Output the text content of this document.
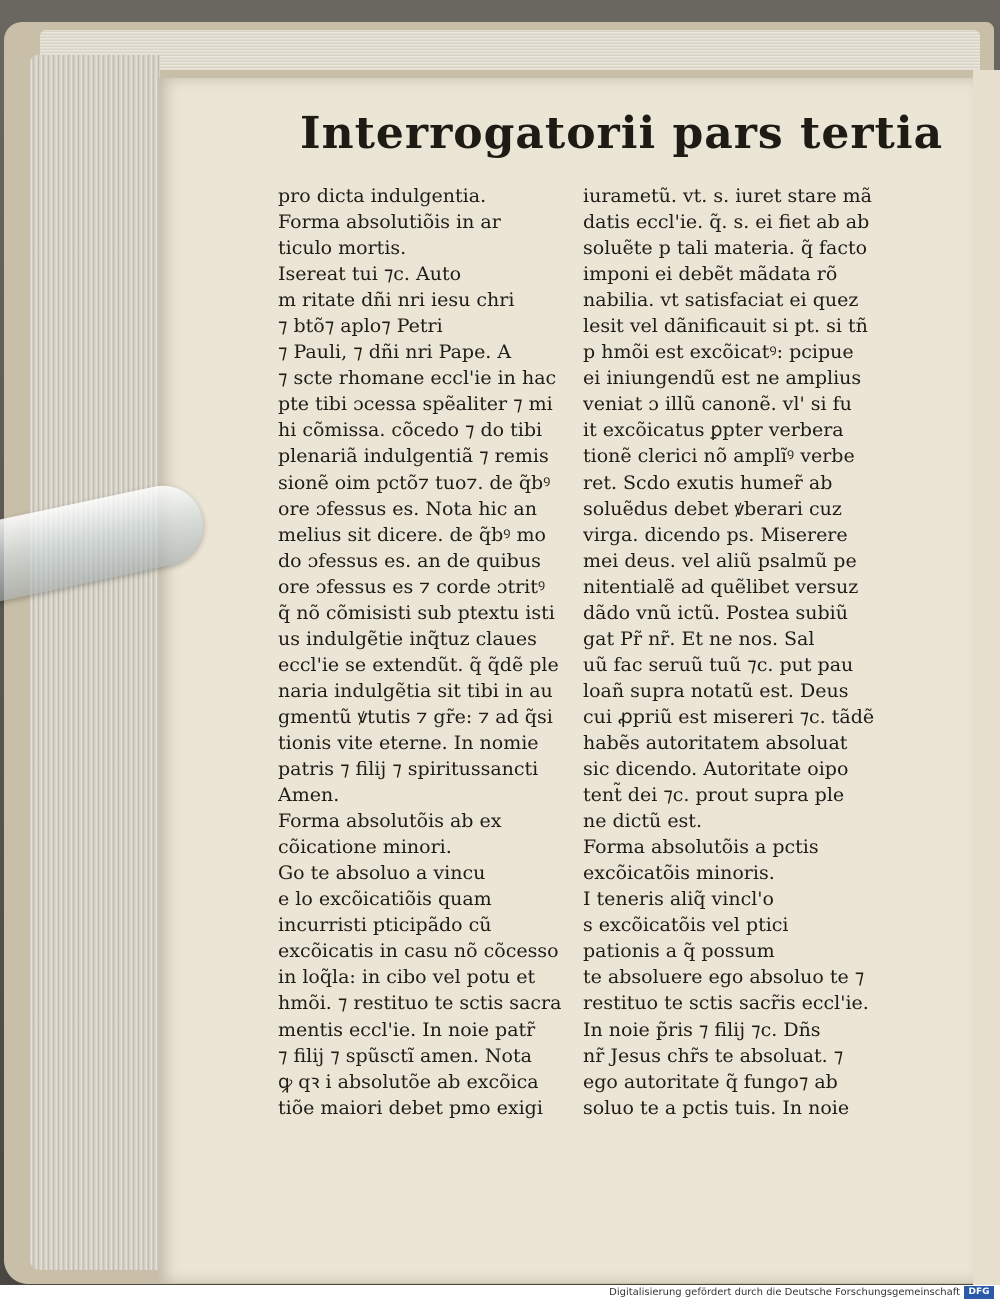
Interrogatorii pars tertia
pro dicta indulgentia.
Forma absolutiõis in ar
ticulo mortis.
Isereat tui ⁊c. Auto
m ritate dñi nri iesu chri
⁊ btõ⁊ aplo⁊ Petri
⁊ Pauli, ⁊ dñi nri Pape. A
⁊ scte rhomane eccl'ie in hac
pte tibi ɔcessa spẽaliter ⁊ mi
hi cõmissa. cõcedo ⁊ do tibi
plenariã indulgentiã ⁊ remis
sionẽ oim pctõ⁊ tuo⁊. de q̃bꝰ
ore ɔfessus es. Nota hic an
melius sit dicere. de q̃bꝰ mo
do ɔfessus es. an de quibus
ore ɔfessus es ⁊ corde ɔtritꝰ
q̃ nõ cõmisisti sub ptextu isti
us indulgẽtie inq̃tuz claues
eccl'ie se extendũt. q̃ q̃dẽ ple
naria indulgẽtia sit tibi in au
gmentũ ꝟtutis ⁊ gr̃e: ⁊ ad q̃si
tionis vite eterne. In nomie
patris ⁊ filij ⁊ spiritussancti
Amen.
Forma absolutõis ab ex
cõicatione minori.
Go te absoluo a vincu
e lo excõicatiõis quam
incurristi pticipãdo cũ
excõicatis in casu nõ cõcesso
in loq̃la: in cibo vel potu et
hmõi. ⁊ restituo te sctis sacra
mentis eccl'ie. In noie patr̃
⁊ filij ⁊ spũsctĩ amen. Nota
ꝙ qꝛ i absolutõe ab excõica
tiõe maiori debet pmo exigi
iurametũ. vt. s. iuret stare mã
datis eccl'ie. q̃. s. ei fiet ab ab
soluẽte p tali materia. q̃ facto
imponi ei debẽt mãdata rõ
nabilia. vt satisfaciat ei quez
lesit vel dãnificauit si pt. si tñ
p hmõi est excõicatꝰ: pcipue
ei iniungendũ est ne amplius
veniat ɔ illũ canonẽ. vl' si fu
it excõicatus ꝑpter verbera
tionẽ clerici nõ amplĩꝰ verbe
ret. Scdo exutis humer̃ ab
soluẽdus debet ꝟberari cuz
virga. dicendo ps. Miserere
mei deus. vel aliũ psalmũ pe
nitentialẽ ad quẽlibet versuz
dãdo vnũ ictũ. Postea subiũ
gat Pr̃ nr̃. Et ne nos. Sal
uũ fac seruũ tuũ ⁊c. put pau
loañ supra notatũ est. Deus
cui ꝓpriũ est misereri ⁊c. tãdẽ
habẽs autoritatem absoluat
sic dicendo. Autoritate oipo
tent̃ dei ⁊c. prout supra ple
ne dictũ est.
Forma absolutõis a pctis
excõicatõis minoris.
I teneris aliq̃ vincl'o
s excõicatõis vel ptici
pationis a q̃ possum
te absoluere ego absoluo te ⁊
restituo te sctis sacr̃is eccl'ie.
In noie p̃ris ⁊ filij ⁊c. Dñs
nr̃ Jesus chr̃s te absoluat. ⁊
ego autoritate q̃ fungo⁊ ab
soluo te a pctis tuis. In noie
Digitalisierung gefördert durch die Deutsche Forschungsgemeinschaft DFG
